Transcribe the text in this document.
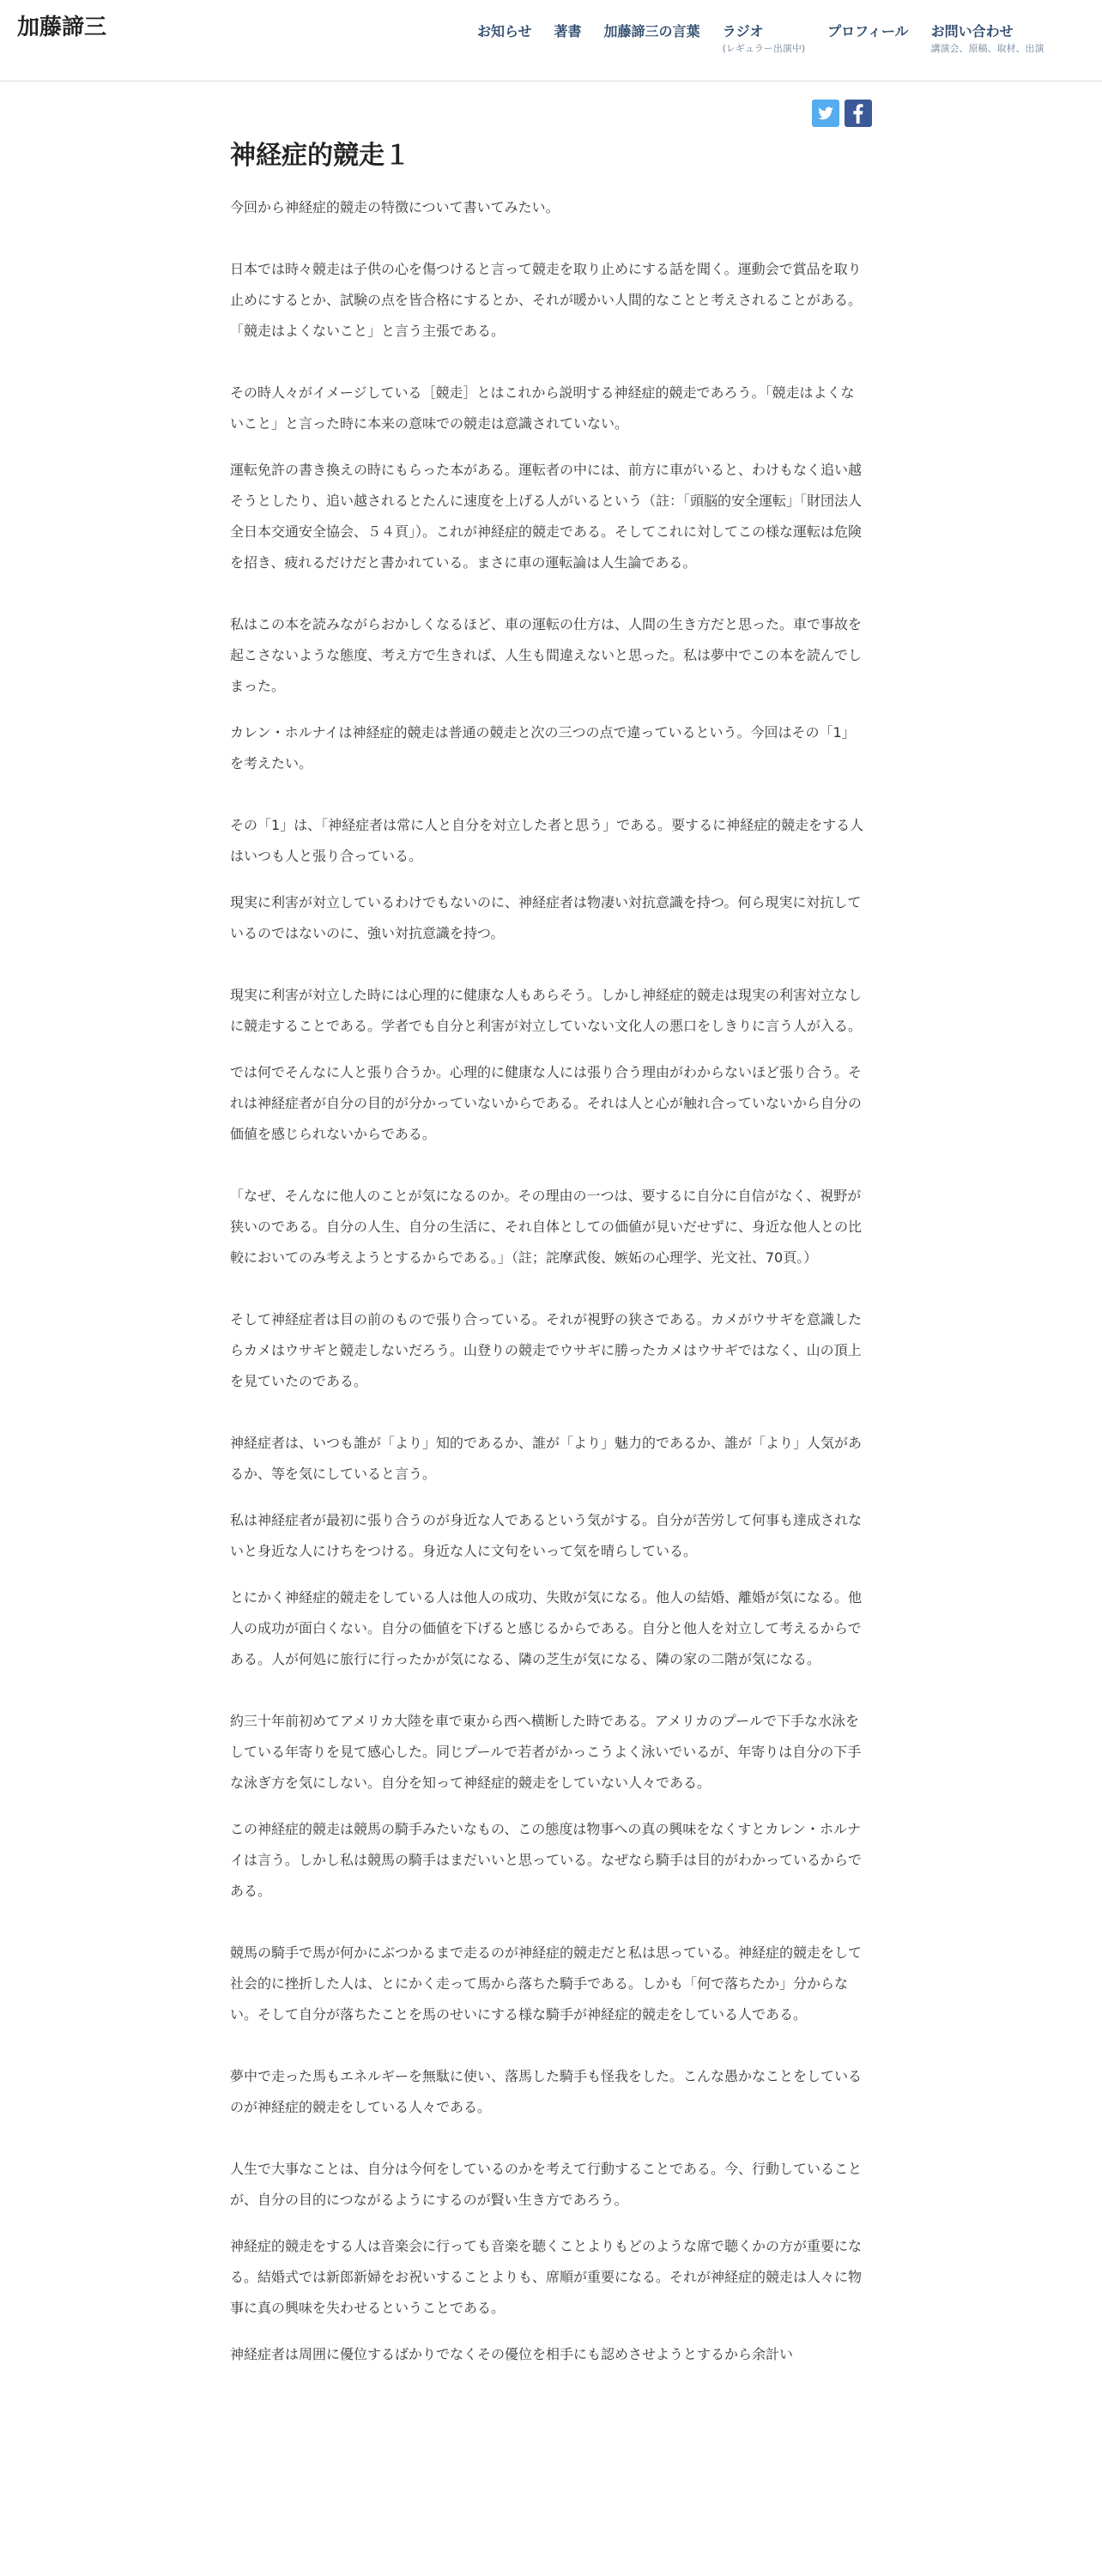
加藤諦三	お知らせ 著書 加藤諦三の言葉 ラジオ
(レギュラー出演中)
プロフィール お問い合わせ
講演会、原稿、取材、出演
神経症的競走１

今回から神経症的競走の特徴について書いてみたい。

日本では時々競走は子供の心を傷つけると言って競走を取り止めにする話を聞く。運動会で賞品を取り止めにするとか、試験の点を皆合格にするとか、それが暖かい人間的なことと考えされることがある。「競走はよくないこと」と言う主張である。

その時人々がイメージしている［競走］とはこれから説明する神経症的競走であろう。「競走はよくないこと」と言った時に本来の意味での競走は意識されていない。

運転免許の書き換えの時にもらった本がある。運転者の中には、前方に車がいると、わけもなく追い越そうとしたり、追い越されるとたんに速度を上げる人がいるという（註：「頭脳的安全運転」「財団法人全日本交通安全協会、５４頁」）。これが神経症的競走である。そしてこれに対してこの様な運転は危険を招き、疲れるだけだと書かれている。まさに車の運転論は人生論である。

私はこの本を読みながらおかしくなるほど、車の運転の仕方は、人間の生き方だと思った。車で事故を起こさないような態度、考え方で生きれば、人生も間違えないと思った。私は夢中でこの本を読んでしまった。

カレン・ホルナイは神経症的競走は普通の競走と次の三つの点で違っているという。今回はその「1」を考えたい。

その「1」は、「神経症者は常に人と自分を対立した者と思う」である。要するに神経症的競走をする人はいつも人と張り合っている。

現実に利害が対立しているわけでもないのに、神経症者は物凄い対抗意識を持つ。何ら現実に対抗しているのではないのに、強い対抗意識を持つ。

現実に利害が対立した時には心理的に健康な人もあらそう。しかし神経症的競走は現実の利害対立なしに競走することである。学者でも自分と利害が対立していない文化人の悪口をしきりに言う人が入る。

では何でそんなに人と張り合うか。心理的に健康な人には張り合う理由がわからないほど張り合う。それは神経症者が自分の目的が分かっていないからである。それは人と心が触れ合っていないから自分の価値を感じられないからである。

「なぜ、そんなに他人のことが気になるのか。その理由の一つは、要するに自分に自信がなく、視野が狭いのである。自分の人生、自分の生活に、それ自体としての価値が見いだせずに、身近な他人との比較においてのみ考えようとするからである。」（註；詫摩武俊、嫉妬の心理学、光文社、70頁。）

そして神経症者は目の前のもので張り合っている。それが視野の狭さである。カメがウサギを意識したらカメはウサギと競走しないだろう。山登りの競走でウサギに勝ったカメはウサギではなく、山の頂上を見ていたのである。

神経症者は、いつも誰が「より」知的であるか、誰が「より」魅力的であるか、誰が「より」人気があるか、等を気にしていると言う。

私は神経症者が最初に張り合うのが身近な人であるという気がする。自分が苦労して何事も達成されないと身近な人にけちをつける。身近な人に文句をいって気を晴らしている。

とにかく神経症的競走をしている人は他人の成功、失敗が気になる。他人の結婚、離婚が気になる。他人の成功が面白くない。自分の価値を下げると感じるからである。自分と他人を対立して考えるからである。人が何処に旅行に行ったかが気になる、隣の芝生が気になる、隣の家の二階が気になる。

約三十年前初めてアメリカ大陸を車で東から西へ横断した時である。アメリカのプールで下手な水泳をしている年寄りを見て感心した。同じプールで若者がかっこうよく泳いでいるが、年寄りは自分の下手な泳ぎ方を気にしない。自分を知って神経症的競走をしていない人々である。

この神経症的競走は競馬の騎手みたいなもの、この態度は物事への真の興味をなくすとカレン・ホルナイは言う。しかし私は競馬の騎手はまだいいと思っている。なぜなら騎手は目的がわかっているからである。

競馬の騎手で馬が何かにぶつかるまで走るのが神経症的競走だと私は思っている。神経症的競走をして社会的に挫折した人は、とにかく走って馬から落ちた騎手である。しかも「何で落ちたか」分からない。そして自分が落ちたことを馬のせいにする様な騎手が神経症的競走をしている人である。

夢中で走った馬もエネルギーを無駄に使い、落馬した騎手も怪我をした。こんな愚かなことをしているのが神経症的競走をしている人々である。

人生で大事なことは、自分は今何をしているのかを考えて行動することである。今、行動していることが、自分の目的につながるようにするのが賢い生き方であろう。

神経症的競走をする人は音楽会に行っても音楽を聴くことよりもどのような席で聴くかの方が重要になる。結婚式では新郎新婦をお祝いすることよりも、席順が重要になる。それが神経症的競走は人々に物事に真の興味を失わせるということである。

神経症者は周囲に優位するばかりでなくその優位を相手にも認めさせようとするから余計い
